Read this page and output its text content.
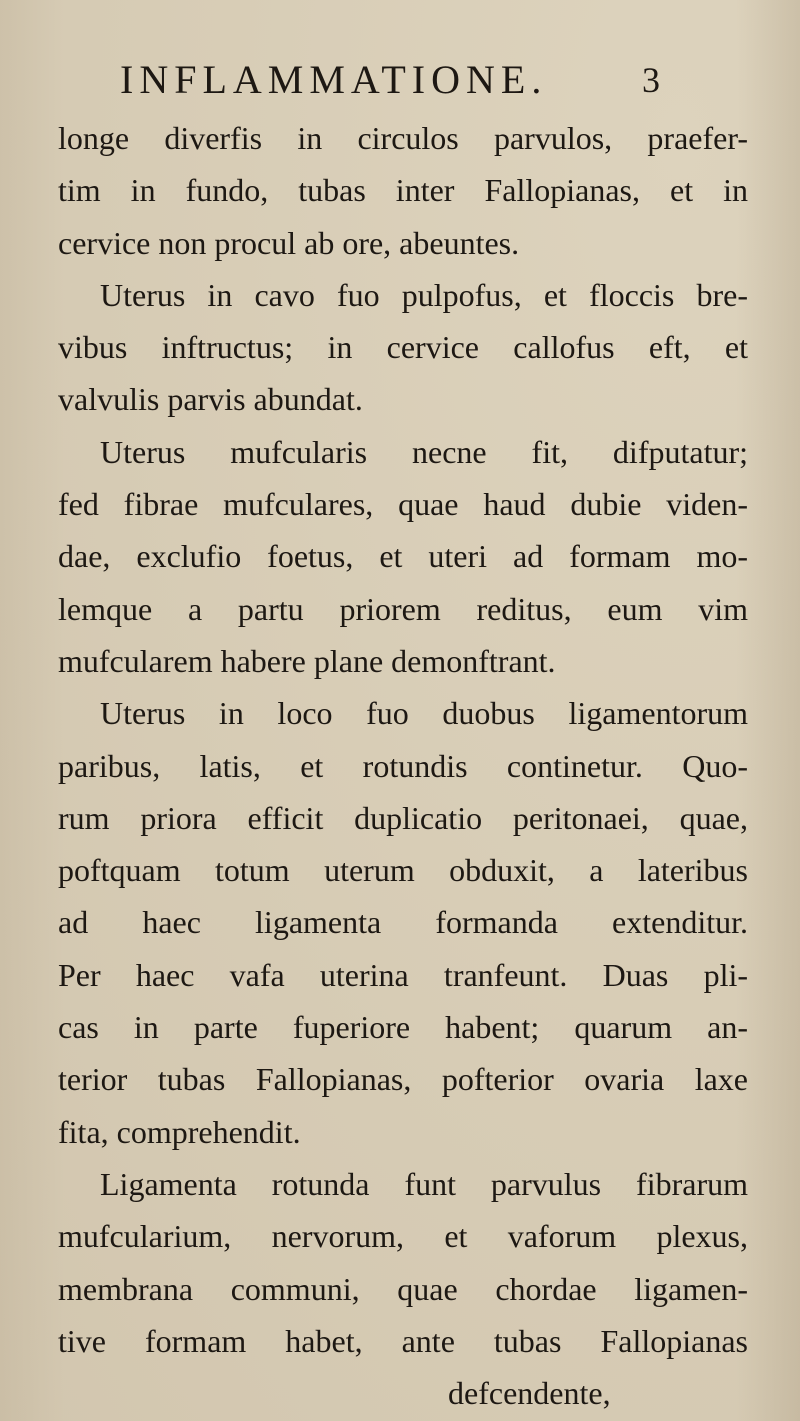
INFLAMMATIONE.	3
longe diverfis in circulos parvulos, praefer-
tim in fundo, tubas inter Fallopianas, et in
cervice non procul ab ore, abeuntes.
Uterus in cavo fuo pulpofus, et floccis bre-
vibus inftructus; in cervice callofus eft, et
valvulis parvis abundat.
Uterus mufcularis necne fit, difputatur;
fed fibrae mufculares, quae haud dubie viden-
dae, exclufio foetus, et uteri ad formam mo-
lemque a partu priorem reditus, eum vim
mufcularem habere plane demonftrant.
Uterus in loco fuo duobus ligamentorum
paribus, latis, et rotundis continetur. Quo-
rum priora efficit duplicatio peritonaei, quae,
poftquam totum uterum obduxit, a lateribus
ad haec ligamenta formanda extenditur.
Per haec vafa uterina tranfeunt. Duas pli-
cas in parte fuperiore habent; quarum an-
terior tubas Fallopianas, pofterior ovaria laxe
fita, comprehendit.
Ligamenta rotunda funt parvulus fibrarum
mufcularium, nervorum, et vaforum plexus,
membrana communi, quae chordae ligamen-
tive formam habet, ante tubas Fallopianas
defcendente,
